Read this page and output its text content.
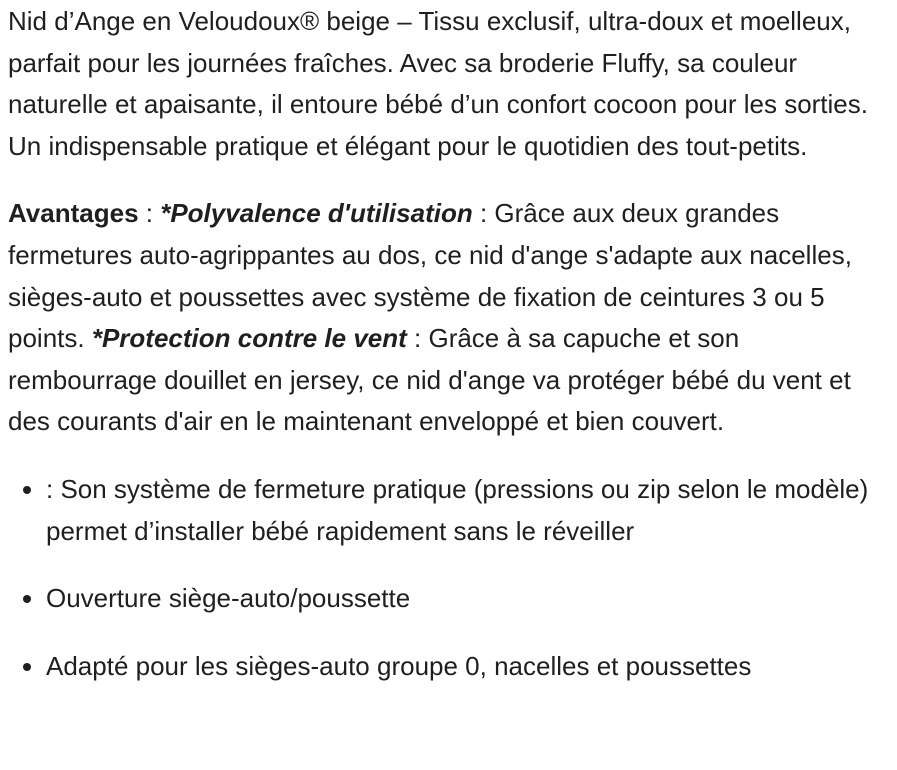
Nid d’Ange en Veloudoux® beige – Tissu exclusif, ultra-doux et moelleux, parfait pour les journées fraîches. Avec sa broderie Fluffy, sa couleur naturelle et apaisante, il entoure bébé d’un confort cocoon pour les sorties. Un indispensable pratique et élégant pour le quotidien des tout-petits.

Avantages : *Polyvalence d'utilisation : Grâce aux deux grandes fermetures auto-agrippantes au dos, ce nid d'ange s'adapte aux nacelles, sièges-auto et poussettes avec système de fixation de ceintures 3 ou 5 points. *Protection contre le vent : Grâce à sa capuche et son rembourrage douillet en jersey, ce nid d'ange va protéger bébé du vent et des courants d'air en le maintenant enveloppé et bien couvert.

• : Son système de fermeture pratique (pressions ou zip selon le modèle) permet d’installer bébé rapidement sans le réveiller
• Ouverture siège-auto/poussette
• Adapté pour les sièges-auto groupe 0, nacelles et poussettes
